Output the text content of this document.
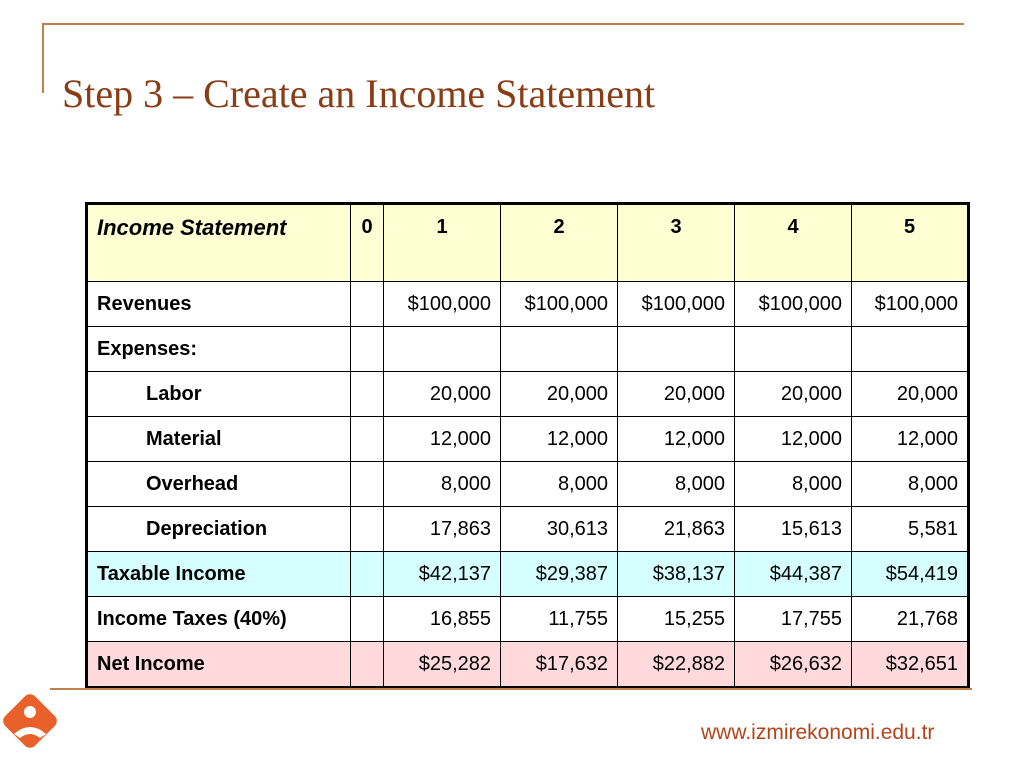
Step 3 – Create an Income Statement
Income Statement	0	1	2	3	4	5
Revenues		$100,000	$100,000	$100,000	$100,000	$100,000
Expenses:						
Labor		20,000	20,000	20,000	20,000	20,000
Material		12,000	12,000	12,000	12,000	12,000
Overhead		8,000	8,000	8,000	8,000	8,000
Depreciation		17,863	30,613	21,863	15,613	5,581
Taxable Income		$42,137	$29,387	$38,137	$44,387	$54,419
Income Taxes (40%)		16,855	11,755	15,255	17,755	21,768
Net Income		$25,282	$17,632	$22,882	$26,632	$32,651

www.izmirekonomi.edu.tr
